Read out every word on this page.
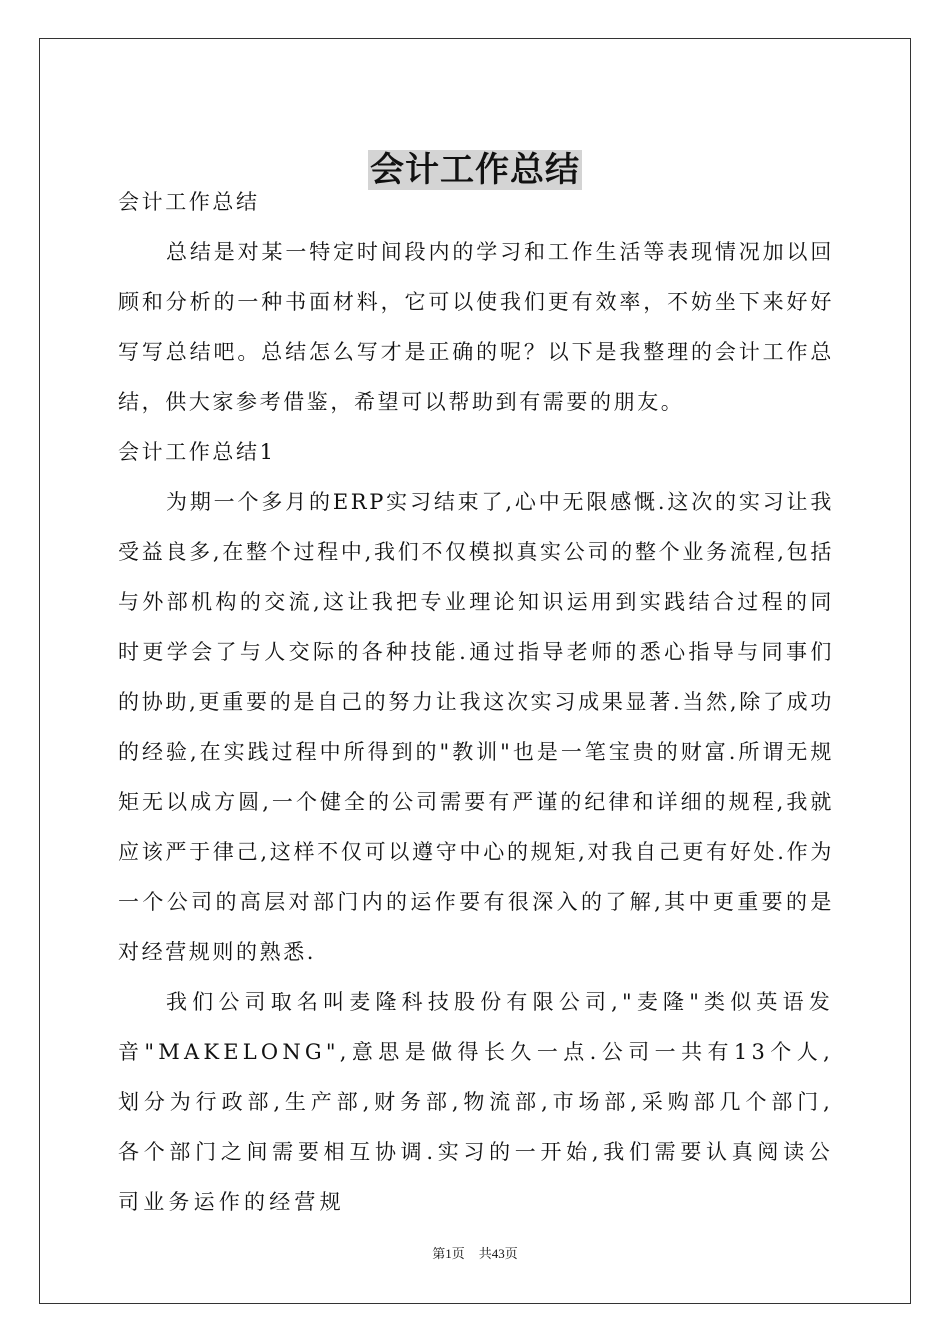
会计工作总结

会计工作总结

总结是对某一特定时间段内的学习和工作生活等表现情况加以回顾和分析的一种书面材料，它可以使我们更有效率，不妨坐下来好好写写总结吧。总结怎么写才是正确的呢？以下是我整理的会计工作总结，供大家参考借鉴，希望可以帮助到有需要的朋友。

会计工作总结1

为期一个多月的ERP实习结束了,心中无限感慨.这次的实习让我受益良多,在整个过程中,我们不仅模拟真实公司的整个业务流程,包括与外部机构的交流,这让我把专业理论知识运用到实践结合过程的同时更学会了与人交际的各种技能.通过指导老师的悉心指导与同事们的协助,更重要的是自己的努力让我这次实习成果显著.当然,除了成功的经验,在实践过程中所得到的"教训"也是一笔宝贵的财富.所谓无规矩无以成方圆,一个健全的公司需要有严谨的纪律和详细的规程,我就应该严于律己,这样不仅可以遵守中心的规矩,对我自己更有好处.作为一个公司的高层对部门内的运作要有很深入的了解,其中更重要的是对经营规则的熟悉.

我们公司取名叫麦隆科技股份有限公司,"麦隆"类似英语发音"MAKELONG",意思是做得长久一点.公司一共有13个人,划分为行政部,生产部,财务部,物流部,市场部,采购部几个部门,各个部门之间需要相互协调.实习的一开始,我们需要认真阅读公司业务运作的经营规

第1页 共43页
